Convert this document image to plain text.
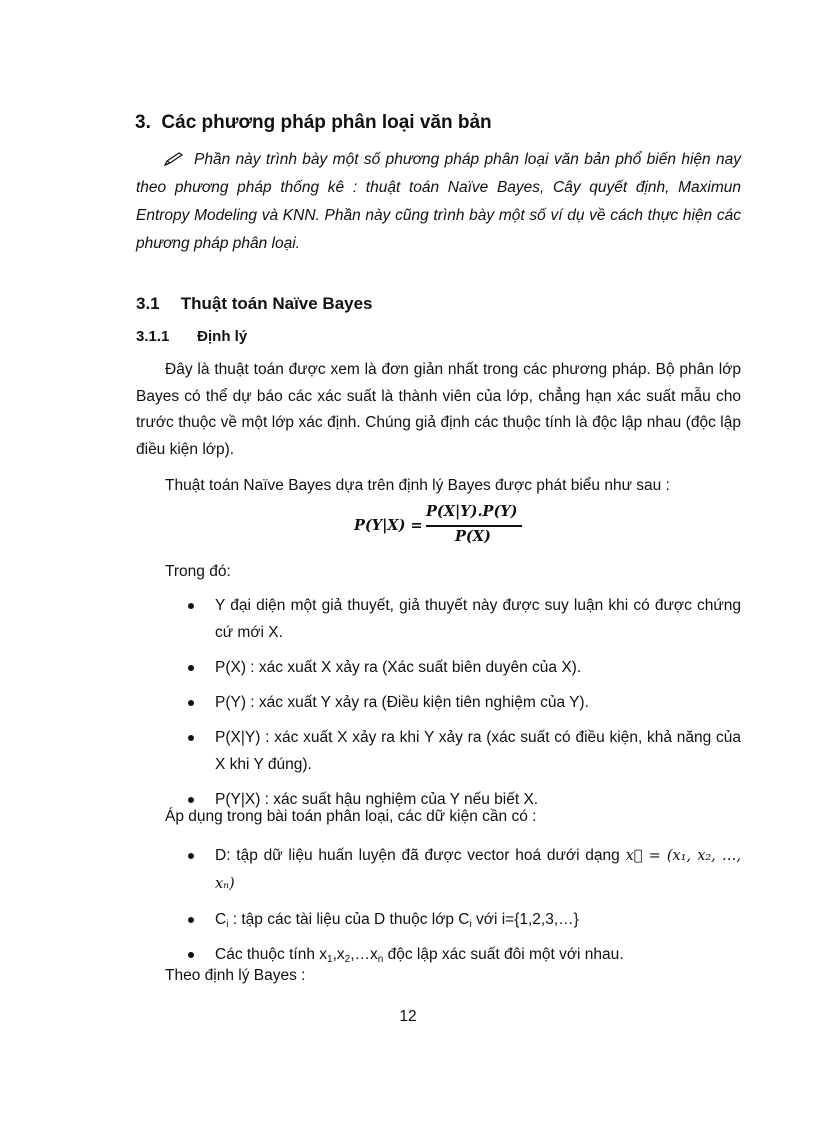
3. Các phương pháp phân loại văn bản

Phần này trình bày một số phương pháp phân loại văn bản phổ biến hiện nay theo phương pháp thống kê : thuật toán Naïve Bayes, Cây quyết định, Maximun Entropy Modeling và KNN. Phần này cũng trình bày một số ví dụ về cách thực hiện các phương pháp phân loại.

3.1 Thuật toán Naïve Bayes
3.1.1 Định lý

Đây là thuật toán được xem là đơn giản nhất trong các phương pháp. Bộ phân lớp Bayes có thể dự báo các xác suất là thành viên của lớp, chẳng hạn xác suất mẫu cho trước thuộc về một lớp xác định. Chúng giả định các thuộc tính là độc lập nhau (độc lập điều kiện lớp).

Thuật toán Naïve Bayes dựa trên định lý Bayes được phát biểu như sau :

P(Y|X) =
P(X|Y).P(Y)
P(X)

Trong đó:

Y đại diện một giả thuyết, giả thuyết này được suy luận khi có được chứng cứ mới X.
P(X) : xác xuất X xảy ra (Xác suất biên duyên của X).
P(Y) : xác xuất Y xảy ra (Điều kiện tiên nghiệm của Y).
P(X|Y) : xác xuất X xảy ra khi Y xảy ra (xác suất có điều kiện, khả năng của X khi Y đúng).
P(Y|X) : xác suất hậu nghiệm của Y nếu biết X.

Áp dụng trong bài toán phân loại, các dữ kiện cần có :

D: tập dữ liệu huấn luyện đã được vector hoá dưới dạng x⃗ = (x₁, x₂, …, xₙ)
$C_i$ : tập các tài liệu của D thuộc lớp $C_i$ với i={1,2,3,…}
Các thuộc tính $x_1,x_2,\dots x_n$ độc lập xác suất đôi một với nhau.

Theo định lý Bayes :

12
